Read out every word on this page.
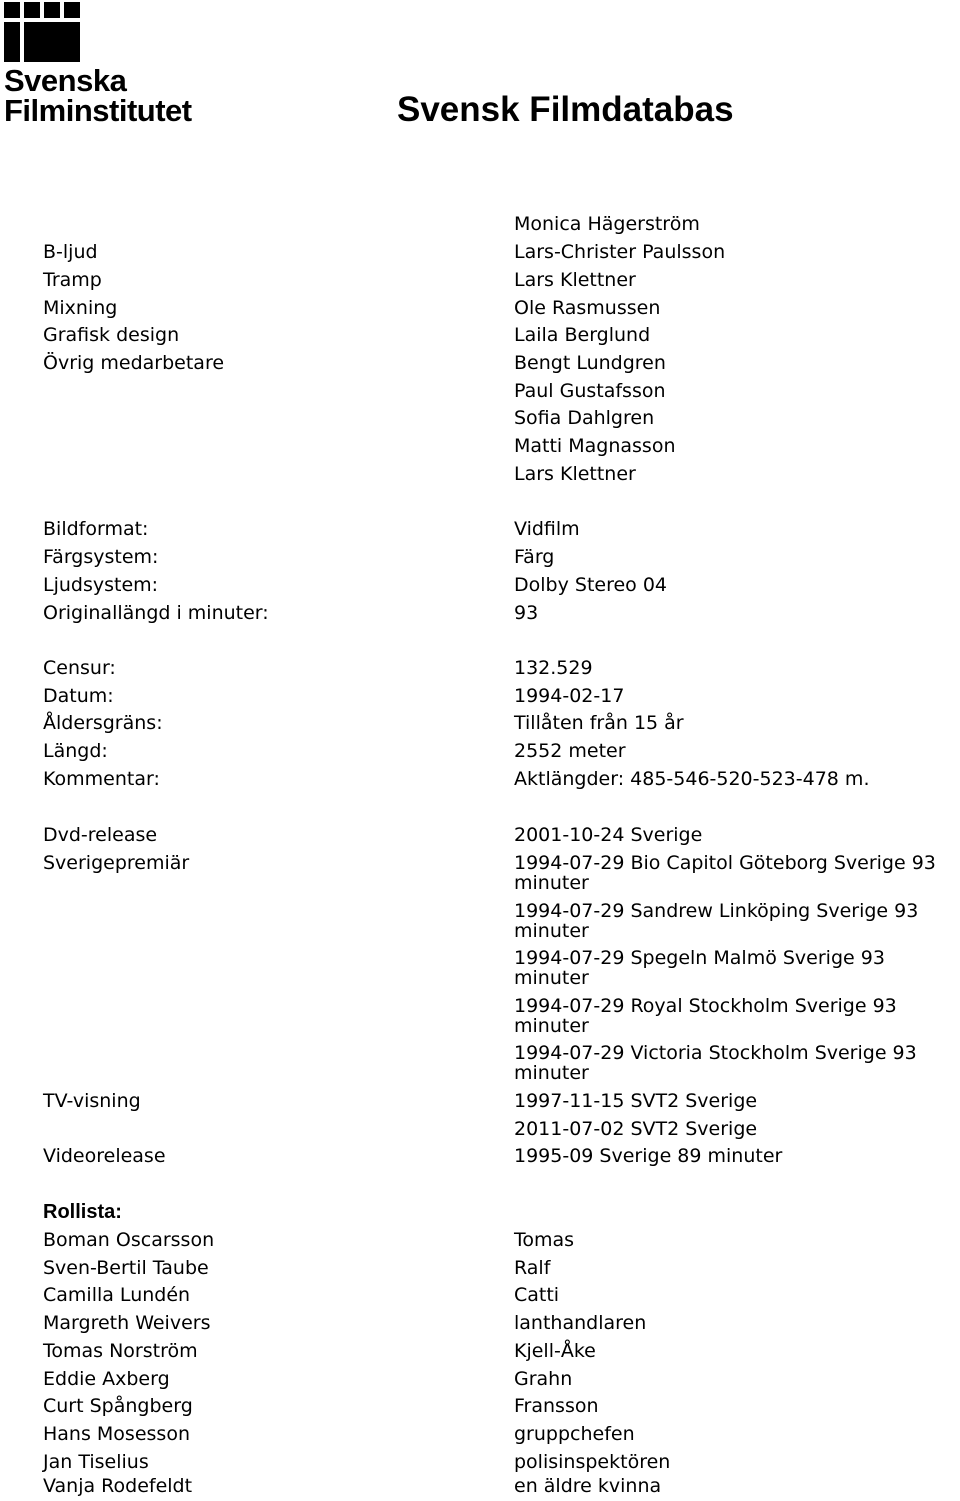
Svenska
Filminstitutet	Svensk Filmdatabas
Monica Hägerström
B-ljud	Lars-Christer Paulsson
Tramp	Lars Klettner
Mixning	Ole Rasmussen
Grafisk design	Laila Berglund
Övrig medarbetare	Bengt Lundgren
Paul Gustafsson
Sofia Dahlgren
Matti Magnasson
Lars Klettner
Bildformat:	Vidfilm
Färgsystem:	Färg
Ljudsystem:	Dolby Stereo 04
Originallängd i minuter:	93
Censur:	132.529
Datum:	1994-02-17
Åldersgräns:	Tillåten från 15 år
Längd:	2552 meter
Kommentar:	Aktlängder: 485-546-520-523-478 m.
Dvd-release	2001-10-24 Sverige
Sverigepremiär	1994-07-29 Bio Capitol Göteborg Sverige 93 minuter
1994-07-29 Sandrew Linköping Sverige 93 minuter
1994-07-29 Spegeln Malmö Sverige 93 minuter
1994-07-29 Royal Stockholm Sverige 93 minuter
1994-07-29 Victoria Stockholm Sverige 93 minuter
TV-visning	1997-11-15 SVT2 Sverige
2011-07-02 SVT2 Sverige
Videorelease	1995-09 Sverige 89 minuter
Rollista:
Boman Oscarsson	Tomas
Sven-Bertil Taube	Ralf
Camilla Lundén	Catti
Margreth Weivers	lanthandlaren
Tomas Norström	Kjell-Åke
Eddie Axberg	Grahn
Curt Spångberg	Fransson
Hans Mosesson	gruppchefen
Jan Tiselius	polisinspektören
Vanja Rodefeldt	en äldre kvinna
